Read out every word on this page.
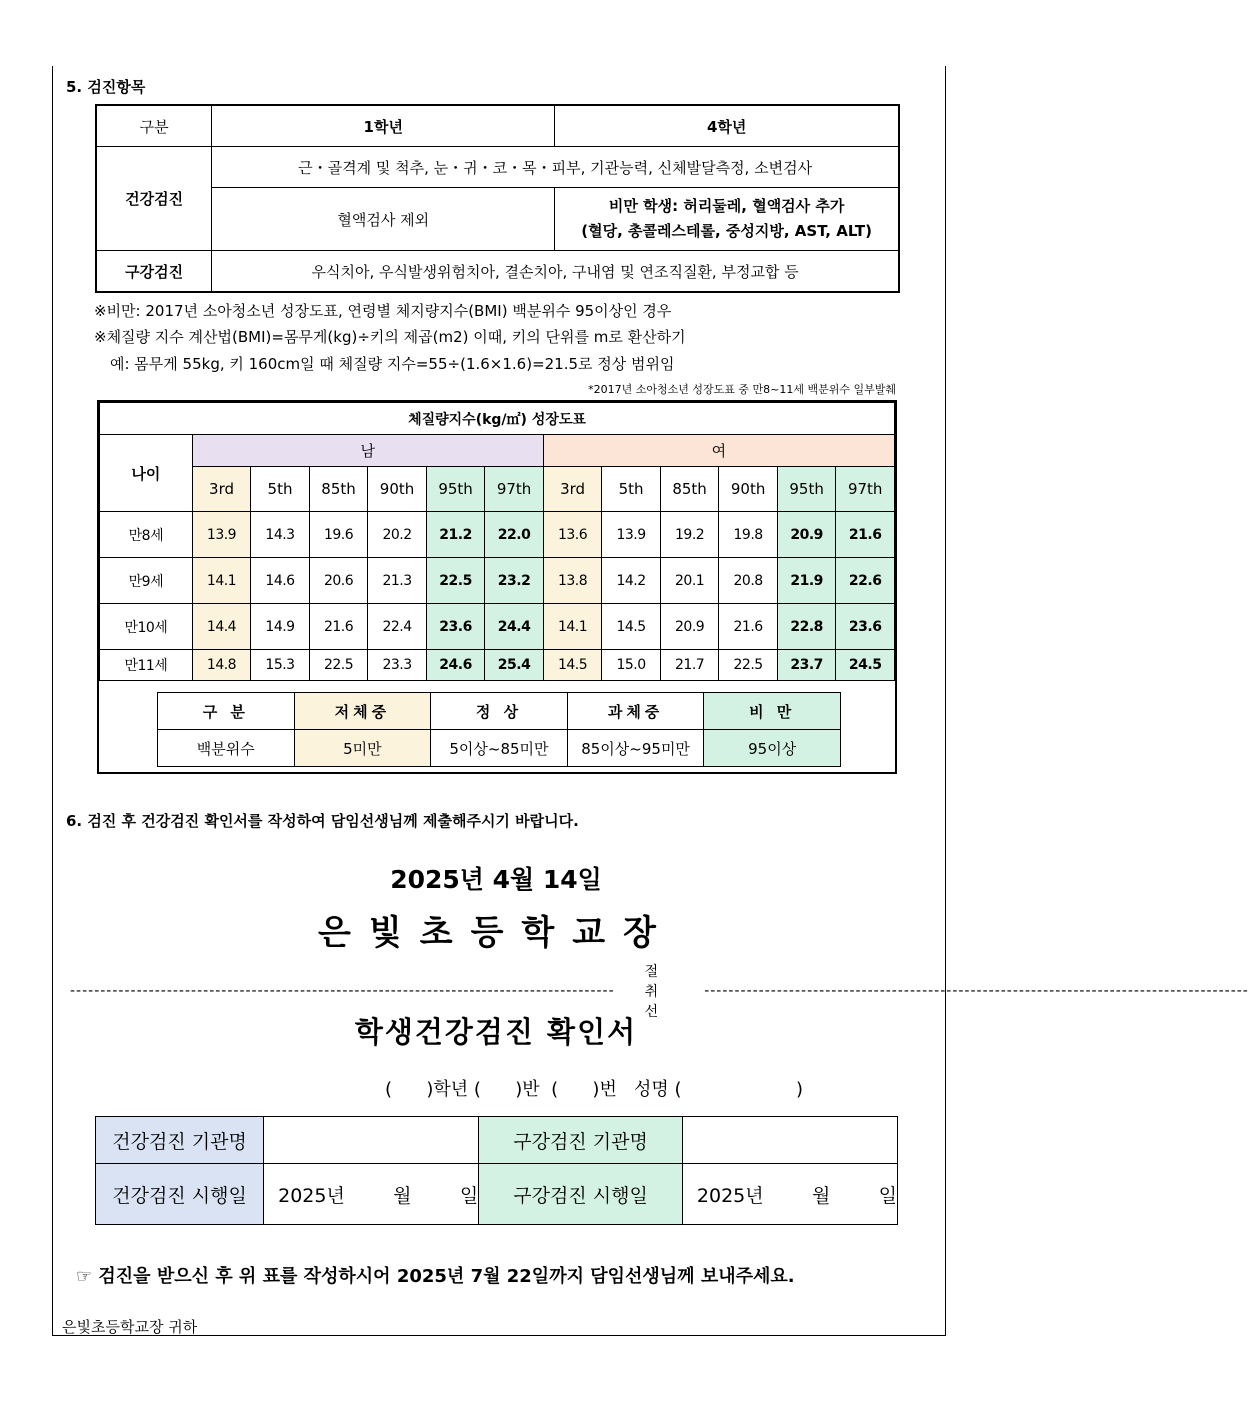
5. 검진항목
구분	1학년	4학년
건강검진	근・골격계 및 척추, 눈・귀・코・목・피부, 기관능력, 신체발달측정, 소변검사	
	혈액검사 제외	비만 학생: 허리둘레, 혈액검사 추가
(혈당, 총콜레스테롤, 중성지방, AST, ALT)

구강검진	우식치아, 우식발생위험치아, 결손치아, 구내염 및 연조직질환, 부정교합 등	
※비만: 2017년 소아청소년 성장도표, 연령별 체지량지수(BMI) 백분위수 95이상인 경우
※체질량 지수 계산법(BMI)=몸무게(kg)÷키의 제곱(m2) 이때, 키의 단위를 m로 환산하기
예: 몸무게 55kg, 키 160cm일 때 체질량 지수=55÷(1.6×1.6)=21.5로 정상 범위임
*2017년 소아청소년 성장도표 중 만8~11세 백분위수 일부발췌
체질량지수(kg/㎡) 성장도표												
나이	남						여					
	3rd	5th	85th	90th	95th	97th	3rd	5th	85th	90th	95th	97th
만8세	13.9	14.3	19.6	20.2	21.2	22.0	13.6	13.9	19.2	19.8	20.9	21.6
만9세	14.1	14.6	20.6	21.3	22.5	23.2	13.8	14.2	20.1	20.8	21.9	22.6
만10세	14.4	14.9	21.6	22.4	23.6	24.4	14.1	14.5	20.9	21.6	22.8	23.6
만11세	14.8	15.3	22.5	23.3	24.6	25.4	14.5	15.0	21.7	22.5	23.7	24.5
구 분	저체중	정 상	과체중	비 만
백분위수	5미만	5이상~85미만	85이상~95미만	95이상
6. 검진 후 건강검진 확인서를 작성하여 담임선생님께 제출해주시기 바랍니다.
2025년 4월 14일
은빛초등학교장
------------------------------------------------------------------------------------------
절취선
------------------------------------------------------------------------------------------
학생건강검진 확인서
(      )학년 (      )반  (      )번   성명 (                    )
건강검진 기관명		구강검진 기관명	
건강검진 시행일	2025년        월        일	구강검진 시행일	2025년        월        일
☞ 검진을 받으신 후 위 표를 작성하시어 2025년 7월 22일까지 담임선생님께 보내주세요.
은빛초등학교장 귀하
